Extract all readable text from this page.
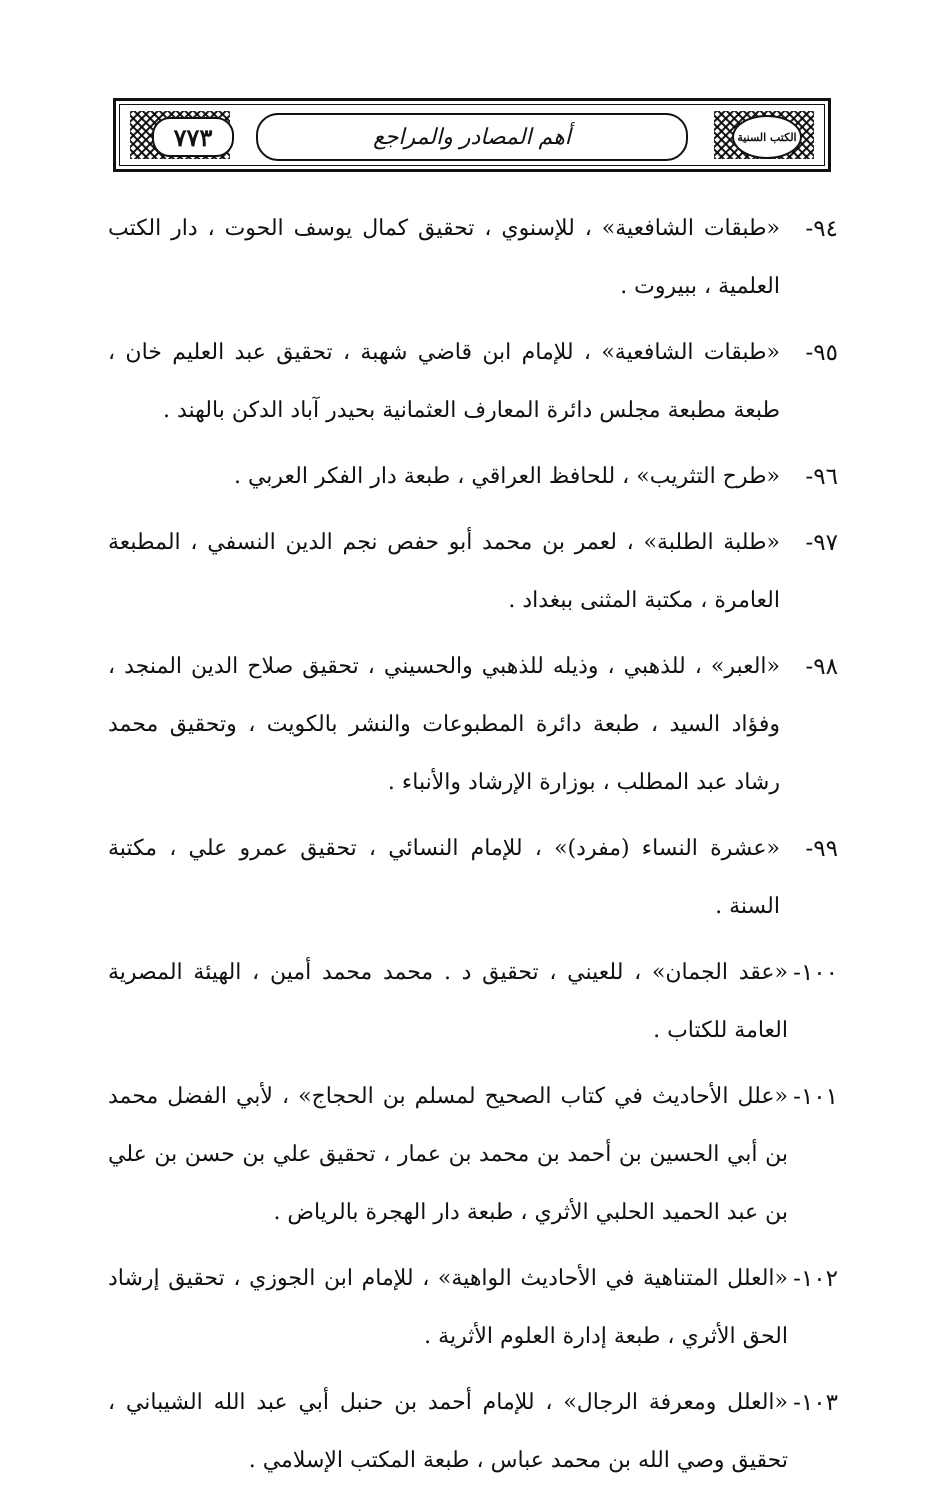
٧٧٣	الكتب السنية
أهم المصادر والمراجع
٩٤-
«طبقات الشافعية» ، للإسنوي ، تحقيق كمال يوسف الحوت ، دار الكتب العلمية ، ببيروت .
٩٥-
«طبقات الشافعية» ، للإمام ابن قاضي شهبة ، تحقيق عبد العليم خان ، طبعة مطبعة مجلس دائرة المعارف العثمانية بحيدر آباد الدكن بالهند .
٩٦-
«طرح التثريب» ، للحافظ العراقي ، طبعة دار الفكر العربي .
٩٧-
«طلبة الطلبة» ، لعمر بن محمد أبو حفص نجم الدين النسفي ، المطبعة العامرة ، مكتبة المثنى ببغداد .
٩٨-
«العبر» ، للذهبي ، وذيله للذهبي والحسيني ، تحقيق صلاح الدين المنجد ، وفؤاد السيد ، طبعة دائرة المطبوعات والنشر بالكويت ، وتحقيق محمد رشاد عبد المطلب ، بوزارة الإرشاد والأنباء .
٩٩-
«عشرة النساء (مفرد)» ، للإمام النسائي ، تحقيق عمرو علي ، مكتبة السنة .
١٠٠-
«عقد الجمان» ، للعيني ، تحقيق د . محمد محمد أمين ، الهيئة المصرية العامة للكتاب .
١٠١-
«علل الأحاديث في كتاب الصحيح لمسلم بن الحجاج» ، لأبي الفضل محمد بن أبي الحسين بن أحمد بن محمد بن عمار ، تحقيق علي بن حسن بن علي بن عبد الحميد الحلبي الأثري ، طبعة دار الهجرة بالرياض .
١٠٢-
«العلل المتناهية في الأحاديث الواهية» ، للإمام ابن الجوزي ، تحقيق إرشاد الحق الأثري ، طبعة إدارة العلوم الأثرية .
١٠٣-
«العلل ومعرفة الرجال» ، للإمام أحمد بن حنبل أبي عبد الله الشيباني ، تحقيق وصي الله بن محمد عباس ، طبعة المكتب الإسلامي .
